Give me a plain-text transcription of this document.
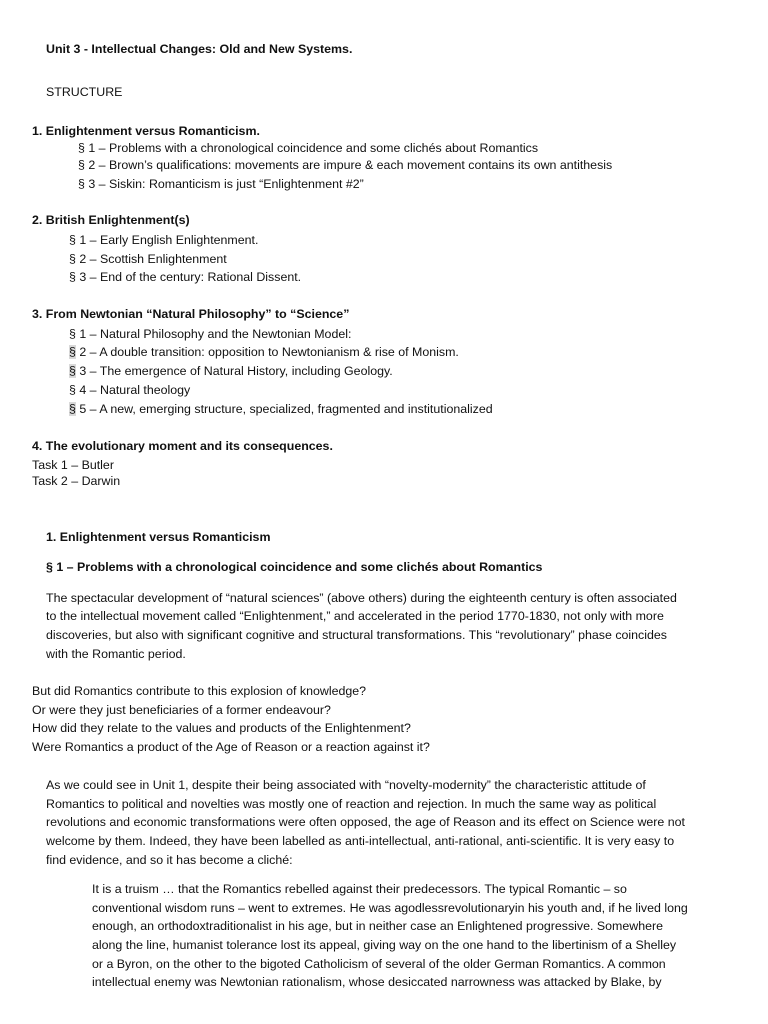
Unit 3 - Intellectual Changes: Old and New Systems.
STRUCTURE
1. Enlightenment versus Romanticism.
§ 1 – Problems with a chronological coincidence and some clichés about Romantics
§ 2 – Brown’s qualifications: movements are impure & each movement contains its own antithesis
§ 3 – Siskin: Romanticism is just “Enlightenment #2”
2. British Enlightenment(s)
§ 1 – Early English Enlightenment.
§ 2 – Scottish Enlightenment
§ 3 – End of the century: Rational Dissent.
3. From Newtonian “Natural Philosophy” to “Science”
§ 1 – Natural Philosophy and the Newtonian Model:
§ 2 – A double transition: opposition to Newtonianism & rise of Monism.
§ 3 – The emergence of Natural History, including Geology.
§ 4 – Natural theology
§ 5 – A new, emerging structure, specialized, fragmented and institutionalized
4. The evolutionary moment and its consequences.
Task 1 – Butler
Task 2 – Darwin
1. Enlightenment versus Romanticism
§ 1 – Problems with a chronological coincidence and some clichés about Romantics
The spectacular development of “natural sciences” (above others) during the eighteenth century is often associated
to the intellectual movement called “Enlightenment,” and accelerated in the period 1770-1830, not only with more
discoveries, but also with significant cognitive and structural transformations. This “revolutionary” phase coincides
with the Romantic period.
But did Romantics contribute to this explosion of knowledge?
Or were they just beneficiaries of a former endeavour?
How did they relate to the values and products of the Enlightenment?
Were Romantics a product of the Age of Reason or a reaction against it?
As we could see in Unit 1, despite their being associated with “novelty-modernity” the characteristic attitude of
Romantics to political and novelties was mostly one of reaction and rejection. In much the same way as political
revolutions and economic transformations were often opposed, the age of Reason and its effect on Science were not
welcome by them. Indeed, they have been labelled as anti-intellectual, anti-rational, anti-scientific. It is very easy to
find evidence, and so it has become a cliché:
It is a truism … that the Romantics rebelled against their predecessors. The typical Romantic – so
conventional wisdom runs – went to extremes. He was agodlessrevolutionaryin his youth and, if he lived long
enough, an orthodoxtraditionalist in his age, but in neither case an Enlightened progressive. Somewhere
along the line, humanist tolerance lost its appeal, giving way on the one hand to the libertinism of a Shelley
or a Byron, on the other to the bigoted Catholicism of several of the older German Romantics. A common
intellectual enemy was Newtonian rationalism, whose desiccated narrowness was attacked by Blake, by
